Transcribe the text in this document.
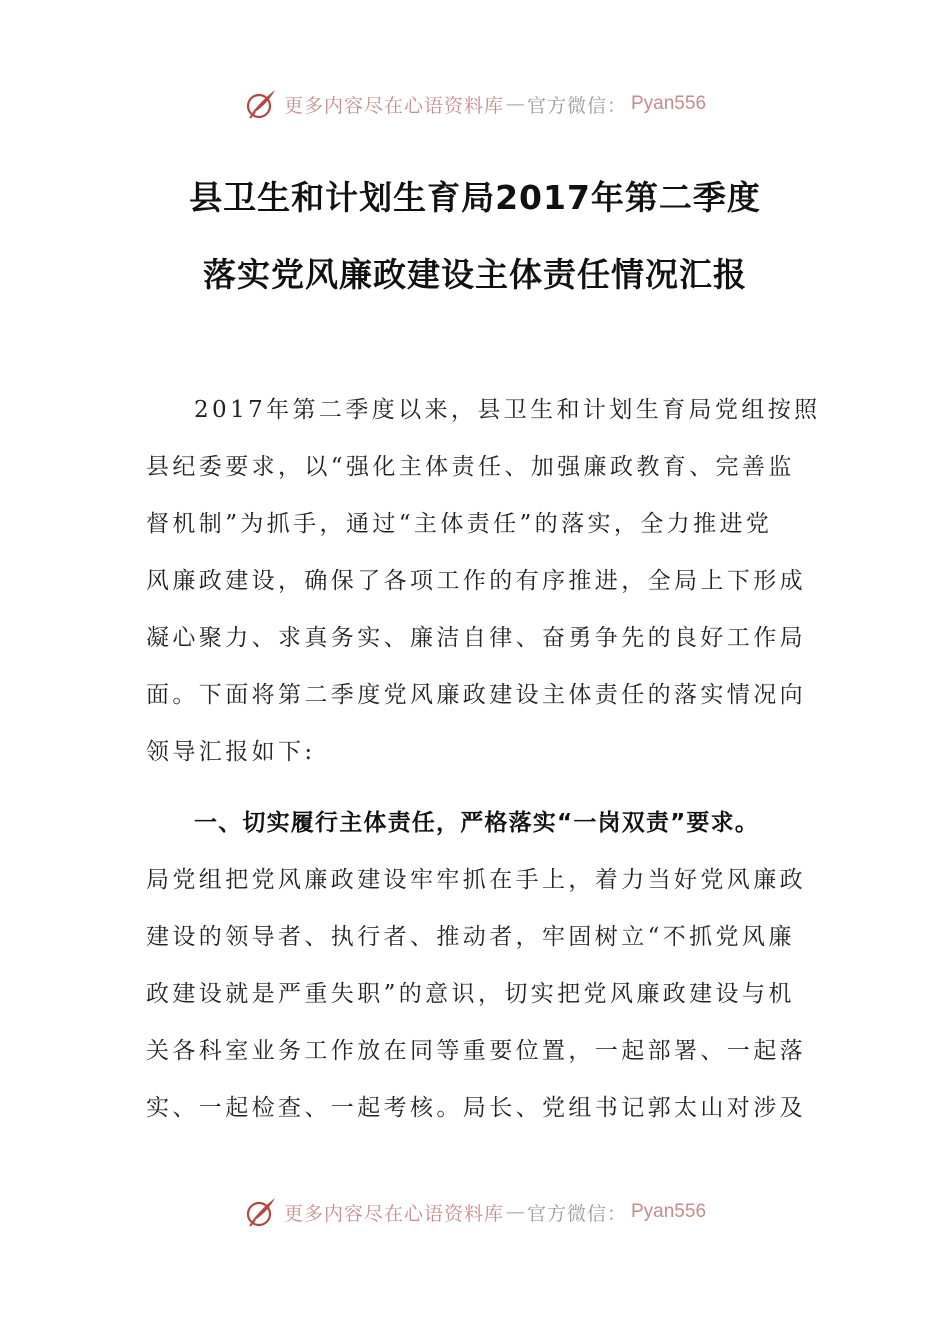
更多内容尽在心语资料库 — 官方微信： Pyan556
县卫生和计划生育局2017年第二季度
落实党风廉政建设主体责任情况汇报
2017年第二季度以来，县卫生和计划生育局党组按照
县纪委要求，以“强化主体责任、加强廉政教育、完善监
督机制”为抓手，通过“主体责任”的落实，全力推进党
风廉政建设，确保了各项工作的有序推进，全局上下形成
凝心聚力、求真务实、廉洁自律、奋勇争先的良好工作局
面。下面将第二季度党风廉政建设主体责任的落实情况向
领导汇报如下:
一、切实履行主体责任，严格落实“一岗双责”要求。
局党组把党风廉政建设牢牢抓在手上，着力当好党风廉政
建设的领导者、执行者、推动者，牢固树立“不抓党风廉
政建设就是严重失职”的意识，切实把党风廉政建设与机
关各科室业务工作放在同等重要位置，一起部署、一起落
实、一起检查、一起考核。局长、党组书记郭太山对涉及
更多内容尽在心语资料库 — 官方微信： Pyan556
